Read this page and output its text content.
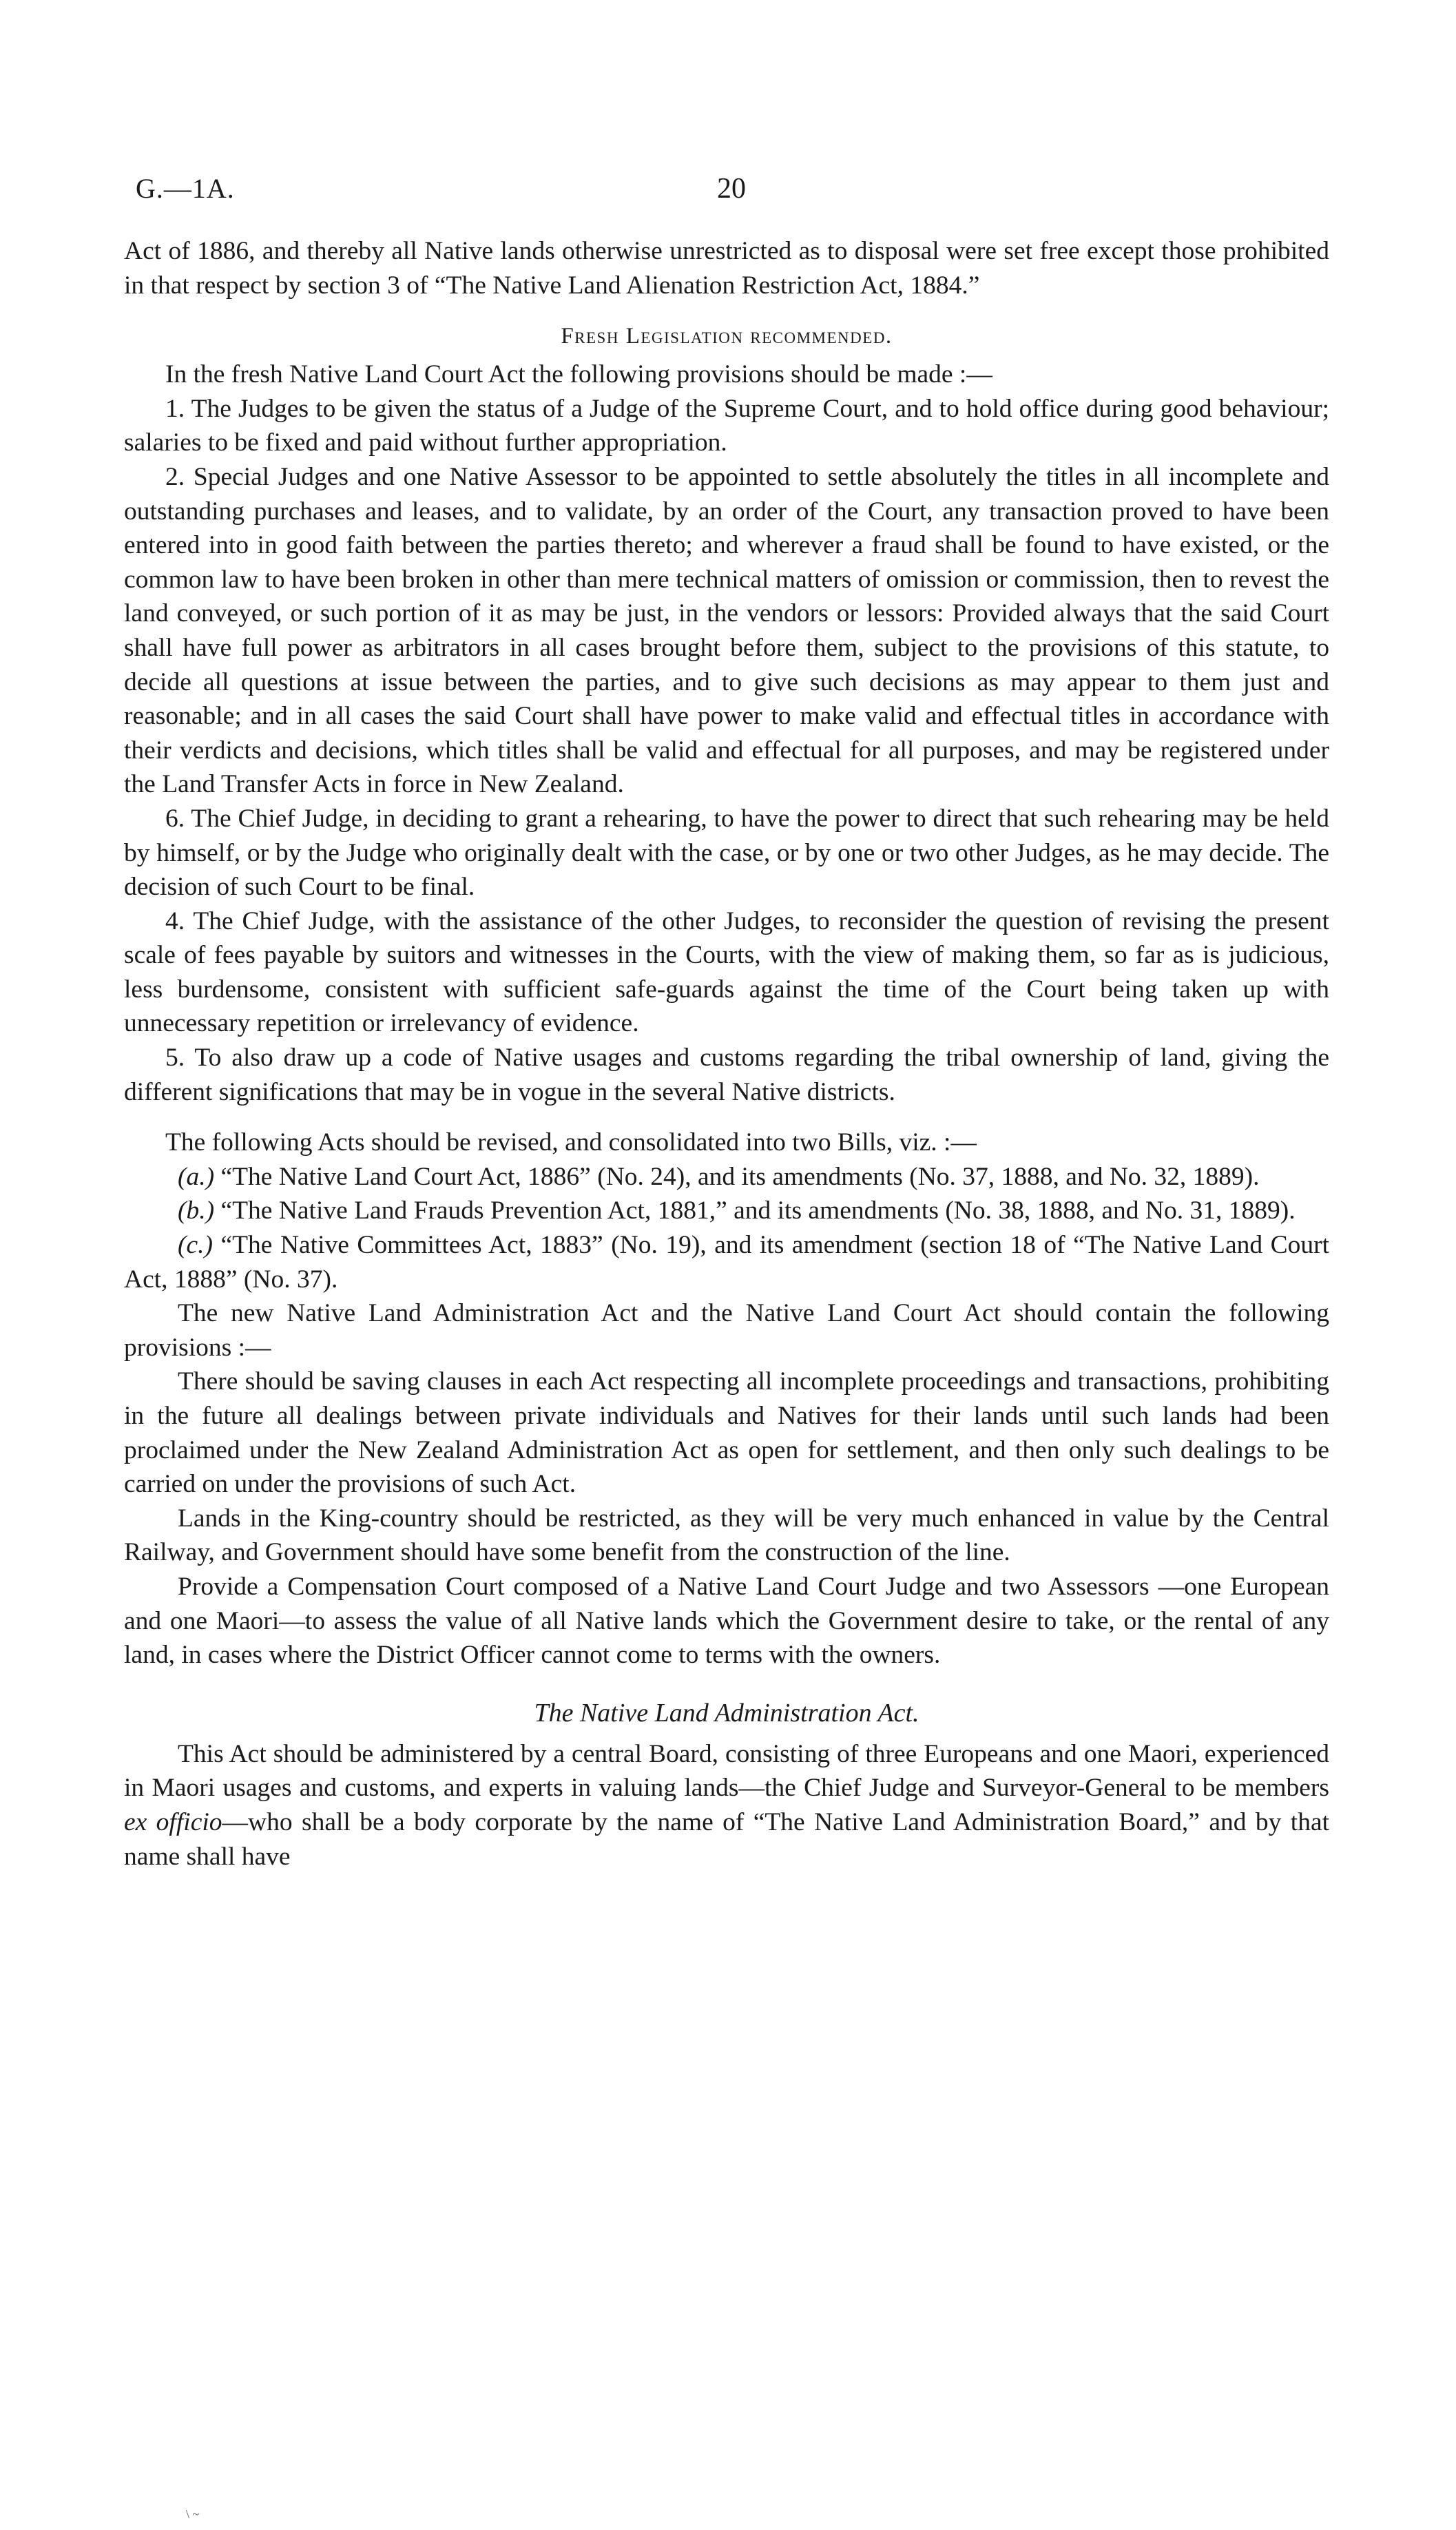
G.—1A.	20

Act of 1886, and thereby all Native lands otherwise unrestricted as to disposal were set free except those prohibited in that respect by section 3 of “The Native Land Alienation Restriction Act, 1884.”

Fresh Legislation recommended.

In the fresh Native Land Court Act the following provisions should be made :—

1. The Judges to be given the status of a Judge of the Supreme Court, and to hold office during good behaviour; salaries to be fixed and paid without further appropriation.

2. Special Judges and one Native Assessor to be appointed to settle absolutely the titles in all incomplete and outstanding purchases and leases, and to validate, by an order of the Court, any transaction proved to have been entered into in good faith between the parties thereto; and wherever a fraud shall be found to have existed, or the common law to have been broken in other than mere technical matters of omission or commission, then to revest the land conveyed, or such portion of it as may be just, in the vendors or lessors: Provided always that the said Court shall have full power as arbitrators in all cases brought before them, subject to the provisions of this statute, to decide all questions at issue between the parties, and to give such decisions as may appear to them just and reasonable; and in all cases the said Court shall have power to make valid and effectual titles in accordance with their verdicts and decisions, which titles shall be valid and effectual for all purposes, and may be registered under the Land Transfer Acts in force in New Zealand.

6. The Chief Judge, in deciding to grant a rehearing, to have the power to direct that such rehearing may be held by himself, or by the Judge who originally dealt with the case, or by one or two other Judges, as he may decide. The decision of such Court to be final.

4. The Chief Judge, with the assistance of the other Judges, to reconsider the question of revising the present scale of fees payable by suitors and witnesses in the Courts, with the view of making them, so far as is judicious, less burdensome, consistent with sufficient safe-guards against the time of the Court being taken up with unnecessary repetition or irrelevancy of evidence.

5. To also draw up a code of Native usages and customs regarding the tribal ownership of land, giving the different significations that may be in vogue in the several Native districts.

The following Acts should be revised, and consolidated into two Bills, viz. :—

(a.) “The Native Land Court Act, 1886” (No. 24), and its amendments (No. 37, 1888, and No. 32, 1889).

(b.) “The Native Land Frauds Prevention Act, 1881,” and its amendments (No. 38, 1888, and No. 31, 1889).

(c.) “The Native Committees Act, 1883” (No. 19), and its amendment (section 18 of “The Native Land Court Act, 1888” (No. 37).

The new Native Land Administration Act and the Native Land Court Act should contain the following provisions :—

There should be saving clauses in each Act respecting all incomplete proceedings and transactions, prohibiting in the future all dealings between private individuals and Natives for their lands until such lands had been proclaimed under the New Zealand Administration Act as open for settlement, and then only such dealings to be carried on under the provisions of such Act.

Lands in the King-country should be restricted, as they will be very much enhanced in value by the Central Railway, and Government should have some benefit from the construction of the line.

Provide a Compensation Court composed of a Native Land Court Judge and two Assessors —one European and one Maori—to assess the value of all Native lands which the Government desire to take, or the rental of any land, in cases where the District Officer cannot come to terms with the owners.

The Native Land Administration Act.

This Act should be administered by a central Board, consisting of three Europeans and one Maori, experienced in Maori usages and customs, and experts in valuing lands—the Chief Judge and Surveyor-General to be members ex officio—who shall be a body corporate by the name of “The Native Land Administration Board,” and by that name shall have

\ ~
